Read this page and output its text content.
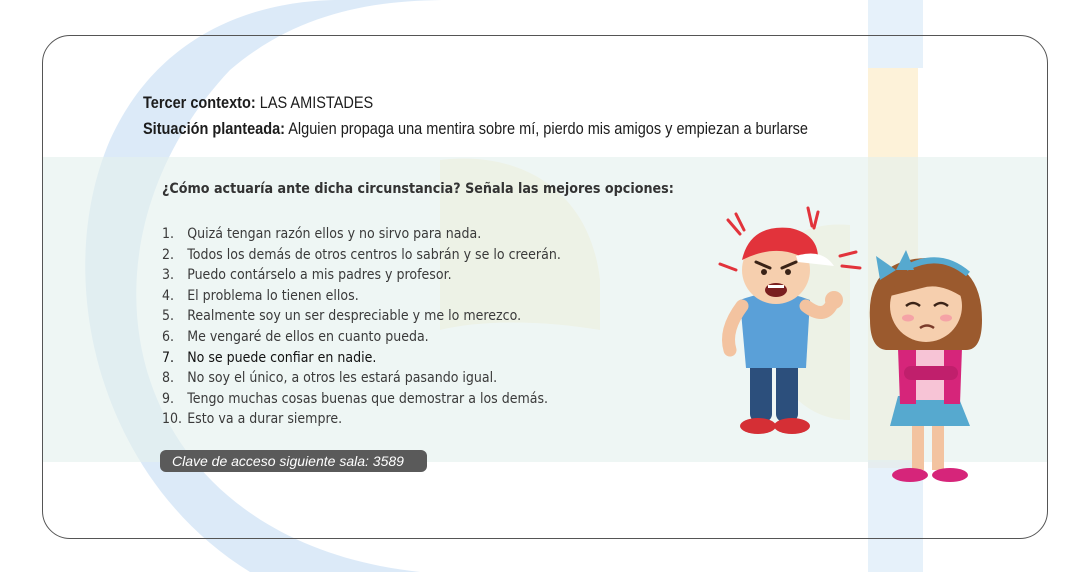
Tercer contexto: LAS AMISTADES
Situación planteada: Alguien propaga una mentira sobre mí, pierdo mis amigos y empiezan a burlarse
¿Cómo actuaría ante dicha circunstancia? Señala las mejores opciones:
1. Quizá tengan razón ellos y no sirvo para nada.
2. Todos los demás de otros centros lo sabrán y se lo creerán.
3. Puedo contárselo a mis padres y profesor.
4. El problema lo tienen ellos.
5. Realmente soy un ser despreciable y me lo merezco.
6. Me vengaré de ellos en cuanto pueda.
7. No se puede confiar en nadie.
8. No soy el único, a otros les estará pasando igual.
9. Tengo muchas cosas buenas que demostrar a los demás.
10. Esto va a durar siempre.
Clave de acceso siguiente sala: 3589
